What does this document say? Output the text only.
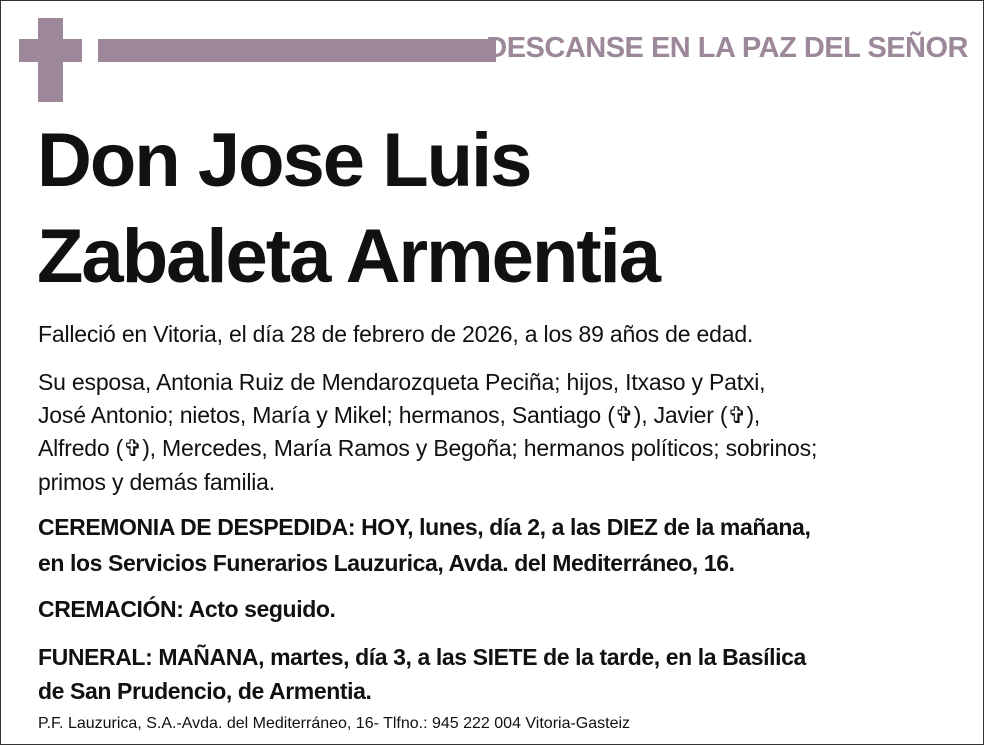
DESCANSE EN LA PAZ DEL SEÑOR
Don Jose Luis
Zabaleta Armentia
Falleció en Vitoria, el día 28 de febrero de 2026, a los 89 años de edad.
Su esposa, Antonia Ruiz de Mendarozqueta Peciña; hijos, Itxaso y Patxi,
José Antonio; nietos, María y Mikel; hermanos, Santiago (✞), Javier (✞),
Alfredo (✞), Mercedes, María Ramos y Begoña; hermanos políticos; sobrinos;
primos y demás familia.
CEREMONIA DE DESPEDIDA: HOY, lunes, día 2, a las DIEZ de la mañana,
en los Servicios Funerarios Lauzurica, Avda. del Mediterráneo, 16.
CREMACIÓN: Acto seguido.
FUNERAL: MAÑANA, martes, día 3, a las SIETE de la tarde, en la Basílica
de San Prudencio, de Armentia.
P.F. Lauzurica, S.A.-Avda. del Mediterráneo, 16- Tlfno.: 945 222 004 Vitoria-Gasteiz
